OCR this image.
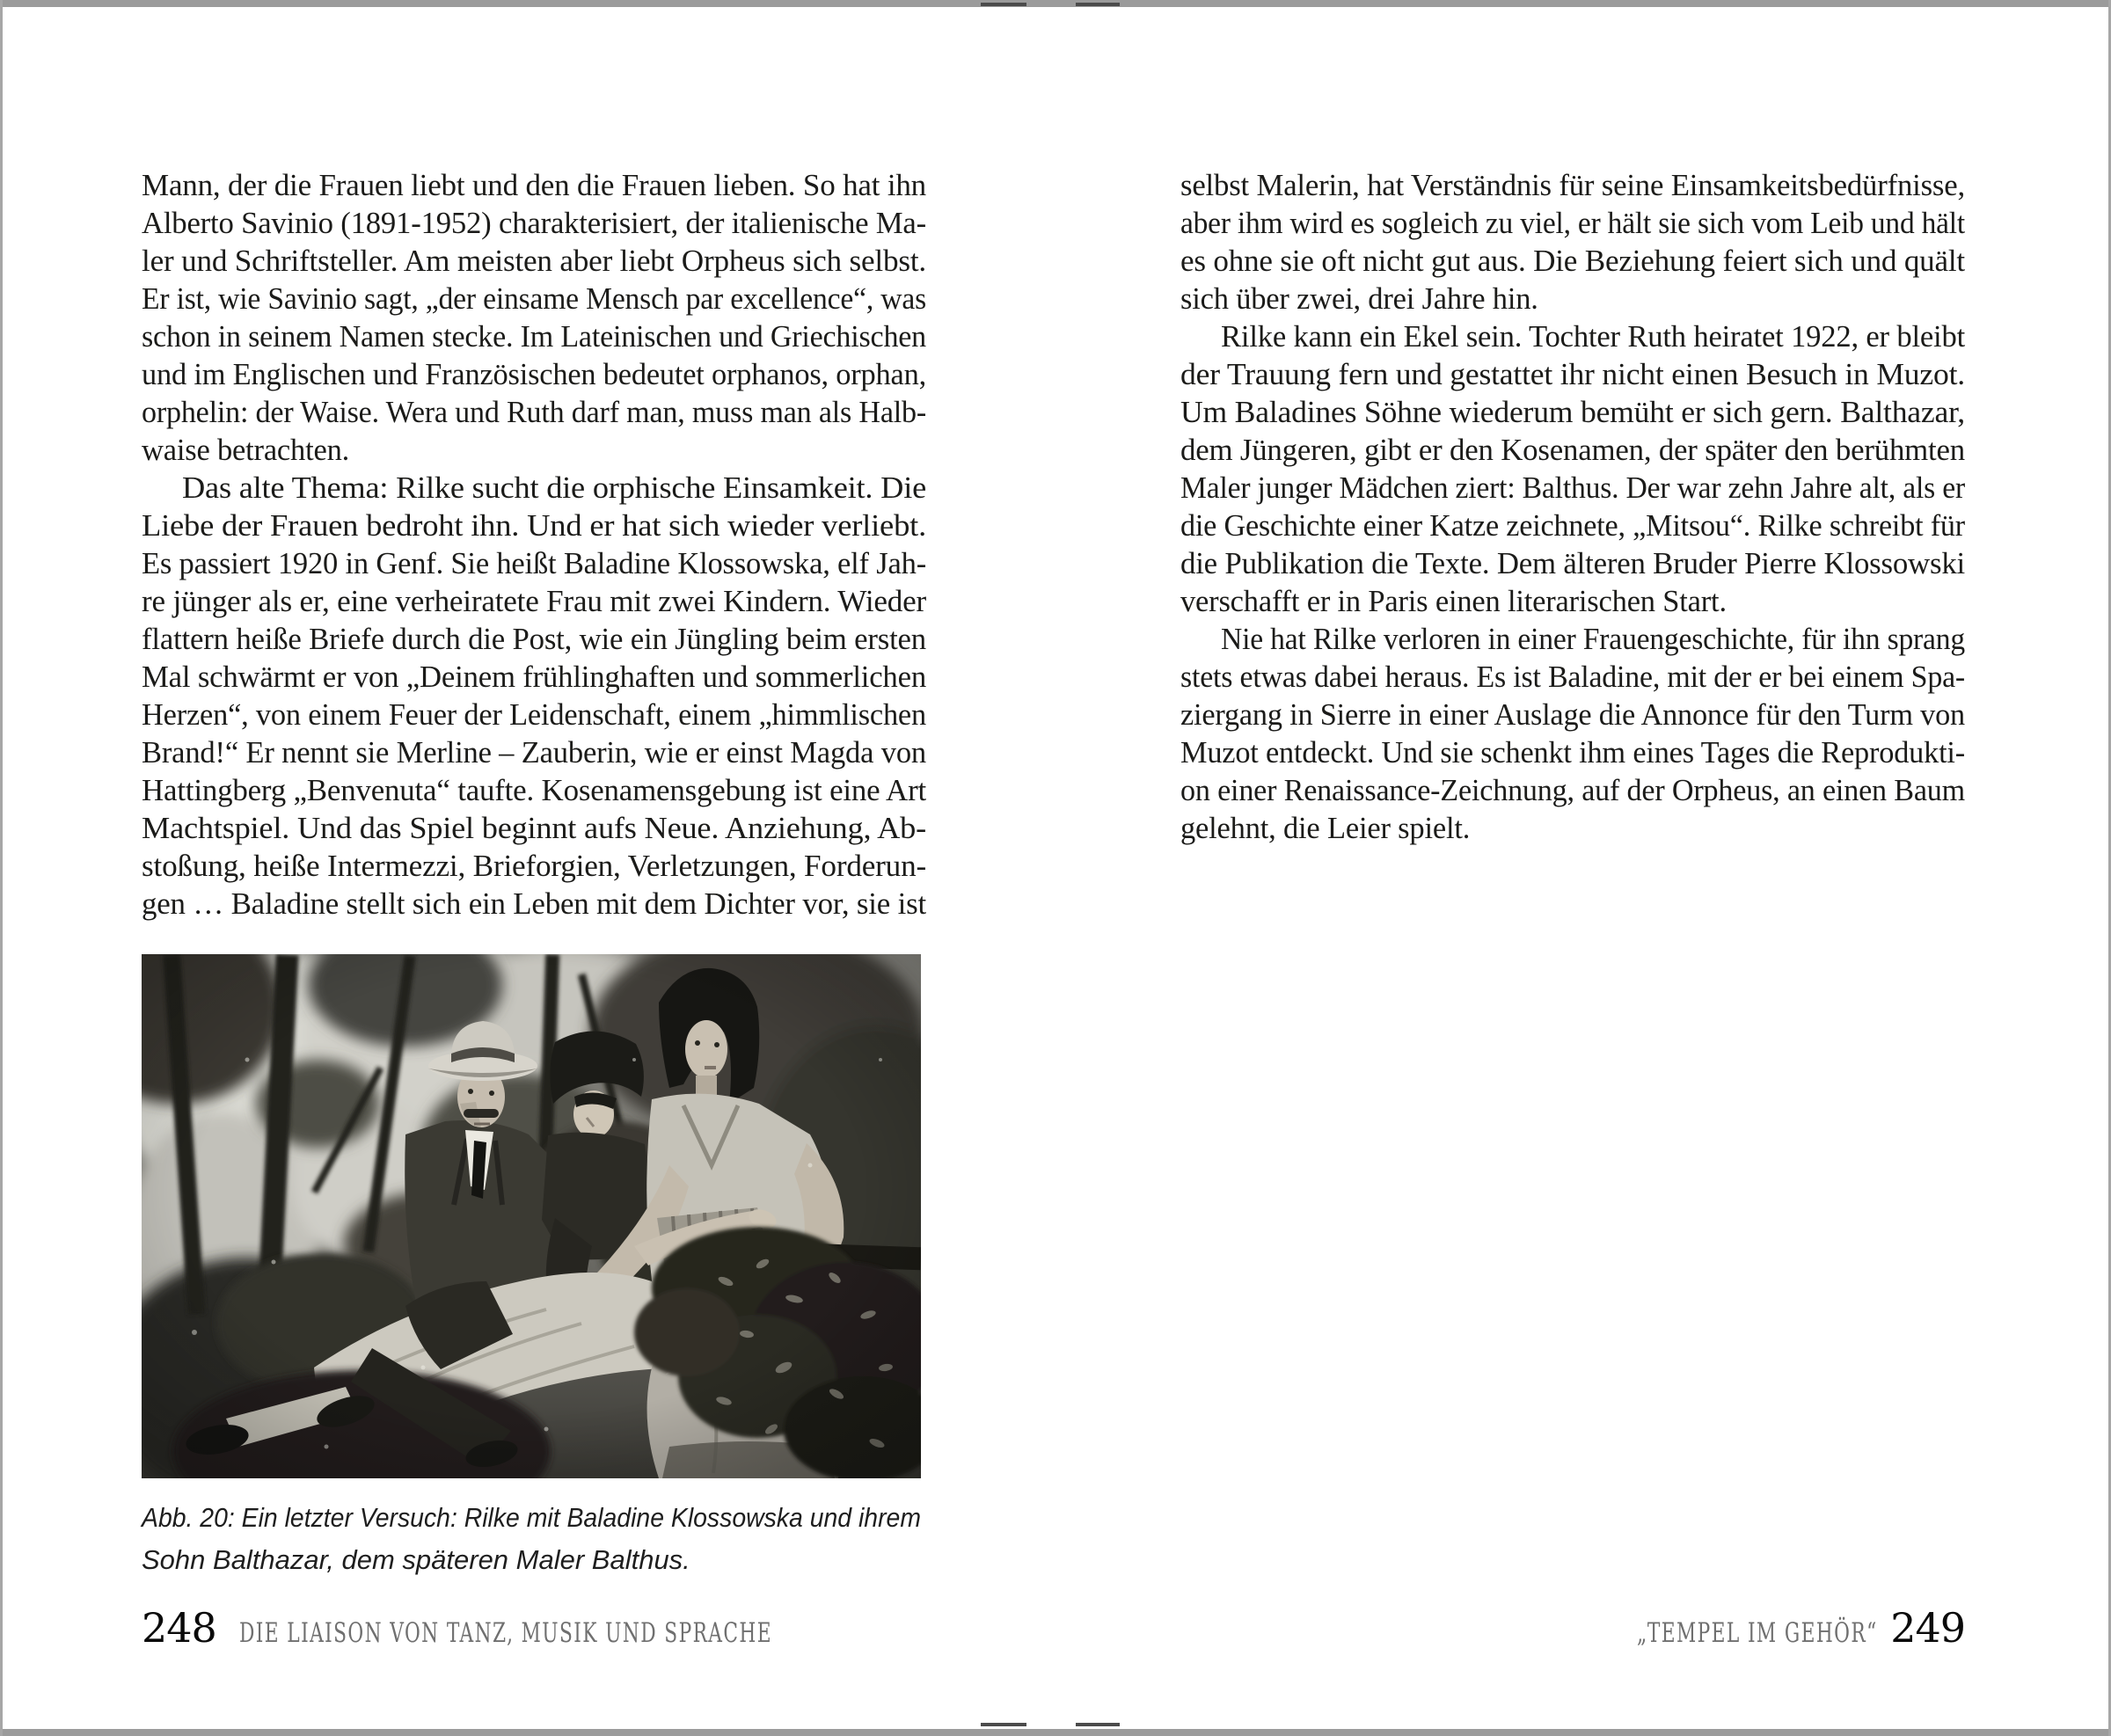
Mann, der die Frauen liebt und den die Frauen lieben. So hat ihn
Alberto Savinio (1891-1952) charakterisiert, der italienische Ma-
ler und Schriftsteller. Am meisten aber liebt Orpheus sich selbst.
Er ist, wie Savinio sagt, „der einsame Mensch par excellence“, was
schon in seinem Namen stecke. Im Lateinischen und Griechischen
und im Englischen und Französischen bedeutet orphanos, orphan,
orphelin: der Waise. Wera und Ruth darf man, muss man als Halb-
waise betrachten.
Das alte Thema: Rilke sucht die orphische Einsamkeit. Die
Liebe der Frauen bedroht ihn. Und er hat sich wieder verliebt.
Es passiert 1920 in Genf. Sie heißt Baladine Klossowska, elf Jah-
re jünger als er, eine verheiratete Frau mit zwei Kindern. Wieder
flattern heiße Briefe durch die Post, wie ein Jüngling beim ersten
Mal schwärmt er von „Deinem frühlinghaften und sommerlichen
Herzen“, von einem Feuer der Leidenschaft, einem „himmlischen
Brand!“ Er nennt sie Merline – Zauberin, wie er einst Magda von
Hattingberg „Benvenuta“ taufte. Kosenamensgebung ist eine Art
Machtspiel. Und das Spiel beginnt aufs Neue. Anziehung, Ab-
stoßung, heiße Intermezzi, Brieforgien, Verletzungen, Forderun-
gen … Baladine stellt sich ein Leben mit dem Dichter vor, sie ist
selbst Malerin, hat Verständnis für seine Einsamkeitsbedürfnisse,
aber ihm wird es sogleich zu viel, er hält sie sich vom Leib und hält
es ohne sie oft nicht gut aus. Die Beziehung feiert sich und quält
sich über zwei, drei Jahre hin.
Rilke kann ein Ekel sein. Tochter Ruth heiratet 1922, er bleibt
der Trauung fern und gestattet ihr nicht einen Besuch in Muzot.
Um Baladines Söhne wiederum bemüht er sich gern. Balthazar,
dem Jüngeren, gibt er den Kosenamen, der später den berühmten
Maler junger Mädchen ziert: Balthus. Der war zehn Jahre alt, als er
die Geschichte einer Katze zeichnete, „Mitsou“. Rilke schreibt für
die Publikation die Texte. Dem älteren Bruder Pierre Klossowski
verschafft er in Paris einen literarischen Start.
Nie hat Rilke verloren in einer Frauengeschichte, für ihn sprang
stets etwas dabei heraus. Es ist Baladine, mit der er bei einem Spa-
ziergang in Sierre in einer Auslage die Annonce für den Turm von
Muzot entdeckt. Und sie schenkt ihm eines Tages die Reprodukti-
on einer Renaissance-Zeichnung, auf der Orpheus, an einen Baum
gelehnt, die Leier spielt.
Abb. 20: Ein letzter Versuch: Rilke mit Baladine Klossowska und ihrem
Sohn Balthazar, dem späteren Maler Balthus.
248 DIE LIAISON VON TANZ, MUSIK UND SPRACHE	„TEMPEL IM GEHÖR“ 249
